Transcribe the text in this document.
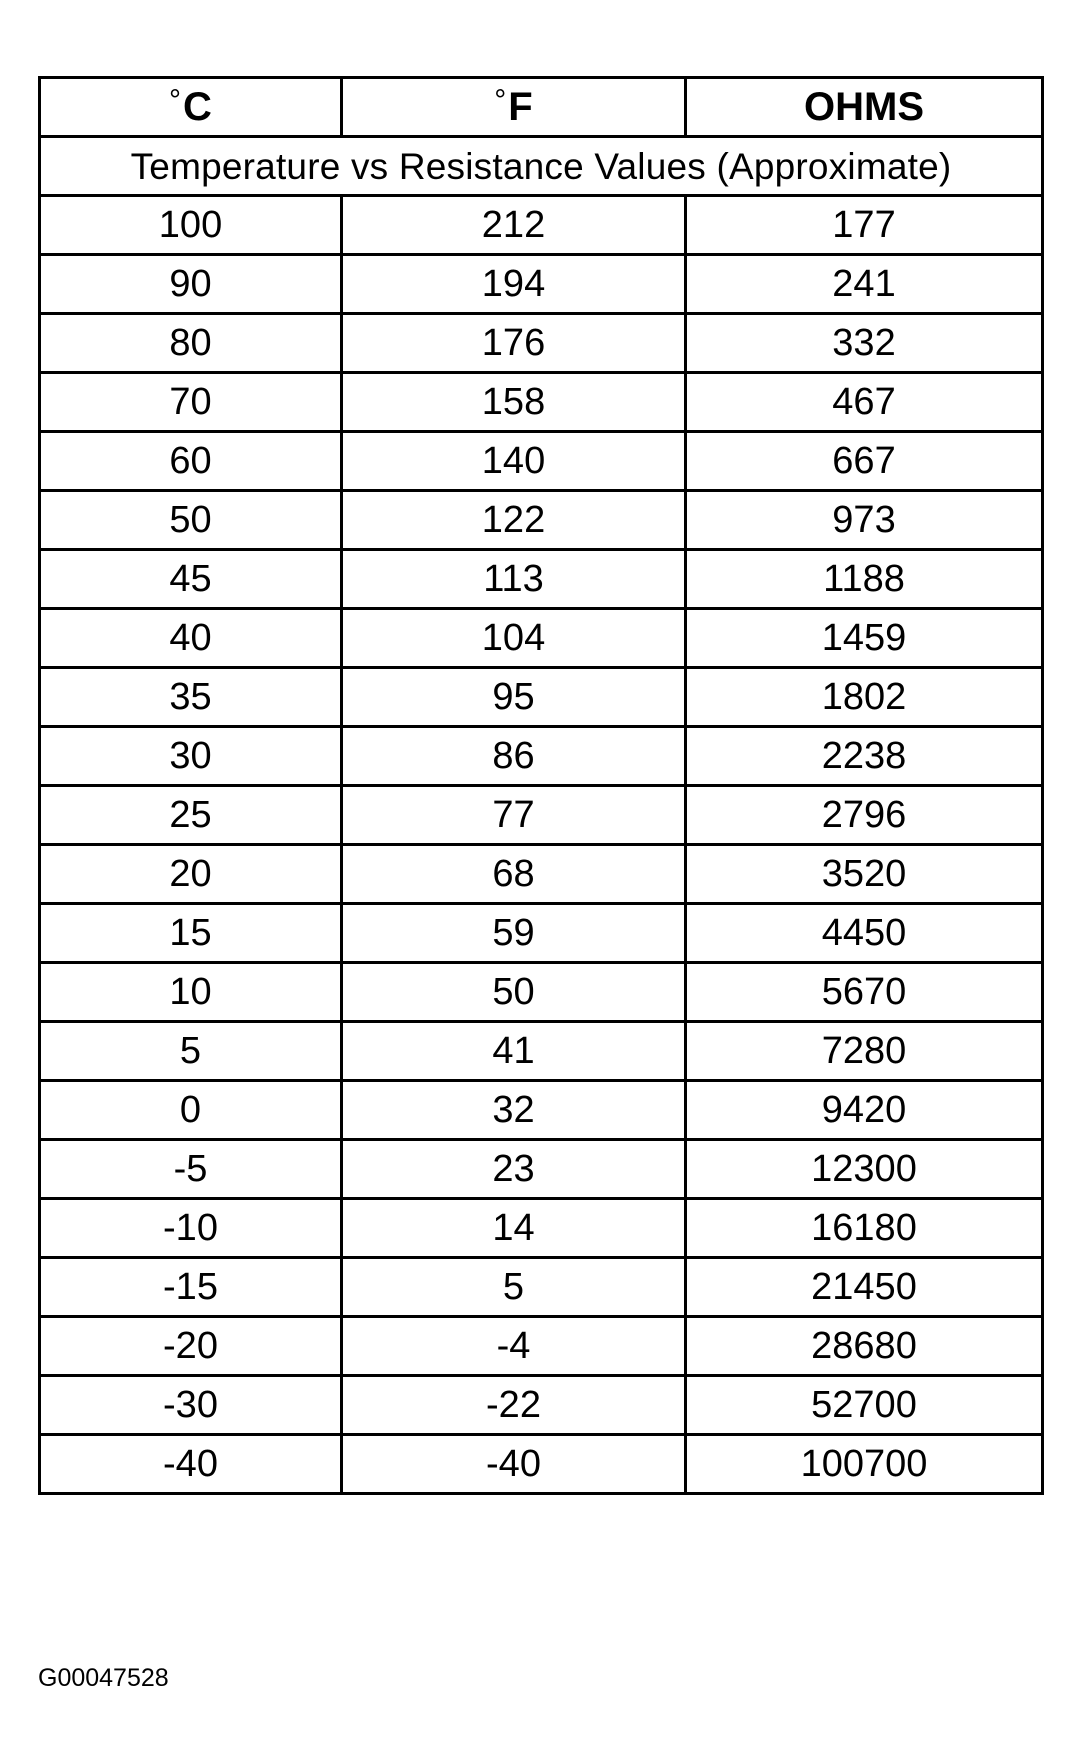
°C	°F	OHMS
Temperature vs Resistance Values (Approximate)		
100	212	177
90	194	241
80	176	332
70	158	467
60	140	667
50	122	973
45	113	1188
40	104	1459
35	95	1802
30	86	2238
25	77	2796
20	68	3520
15	59	4450
10	50	5670
5	41	7280
0	32	9420
-5	23	12300
-10	14	16180
-15	5	21450
-20	-4	28680
-30	-22	52700
-40	-40	100700
G00047528
